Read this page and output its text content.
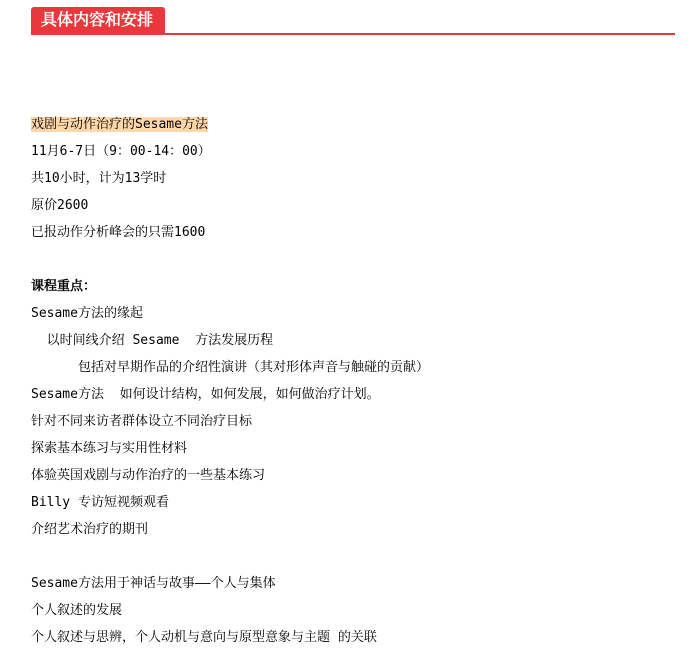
具体内容和安排
戏剧与动作治疗的Sesame方法
11月6-7日（9：00-14：00）
共10小时，计为13学时
原价2600
已报动作分析峰会的只需1600
课程重点：
Sesame方法的缘起
以时间线介绍 Sesame  方法发展历程
包括对早期作品的介绍性演讲（其对形体声音与触碰的贡献）
Sesame方法  如何设计结构，如何发展，如何做治疗计划。
针对不同来访者群体设立不同治疗目标
探索基本练习与实用性材料
体验英国戏剧与动作治疗的一些基本练习
Billy 专访短视频观看
介绍艺术治疗的期刊
Sesame方法用于神话与故事——个人与集体
个人叙述的发展
个人叙述与思辨，个人动机与意向与原型意象与主题 的关联
